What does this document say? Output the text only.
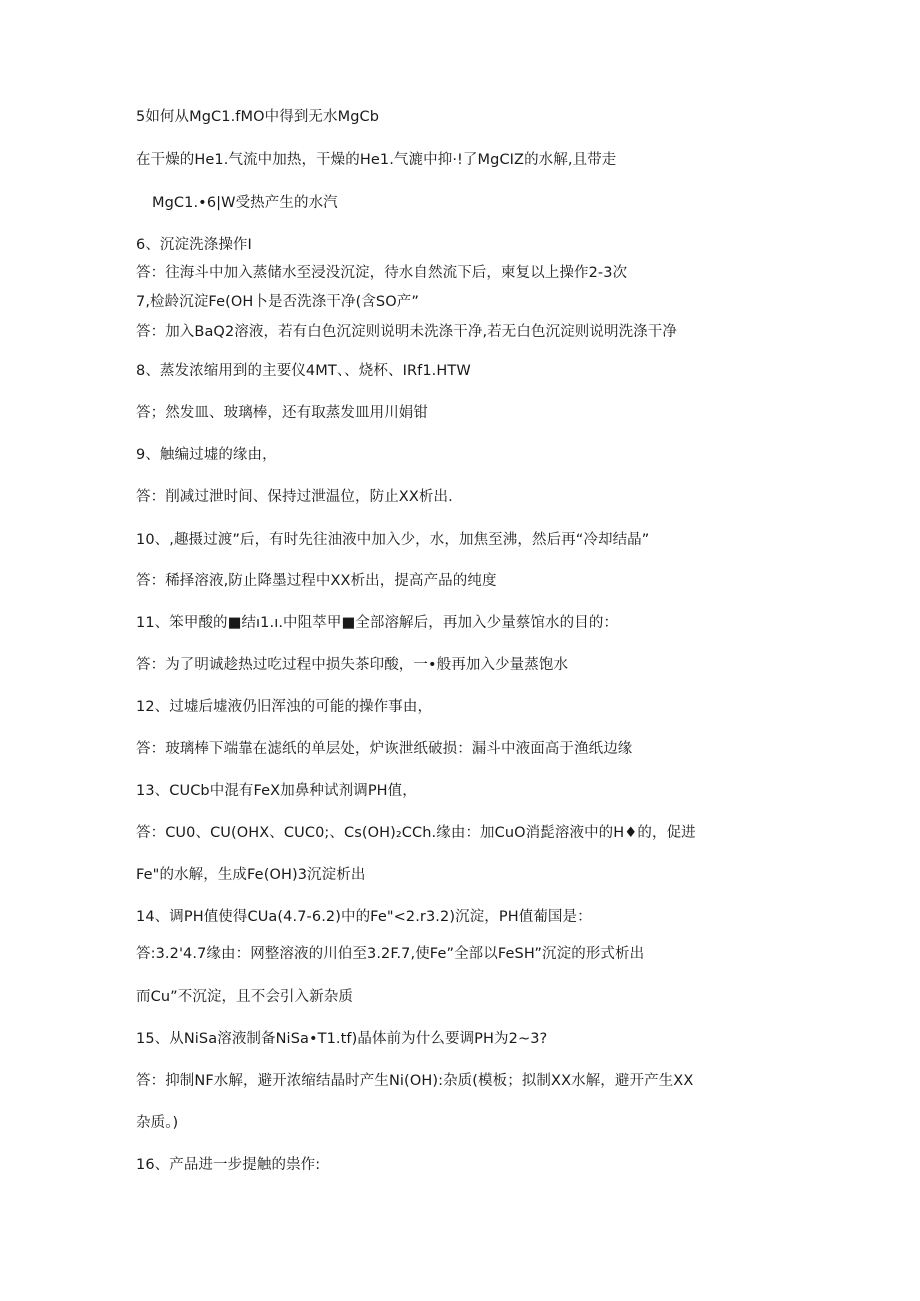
5如何从MgC1.fMO中得到无水MgCb
在干燥的He1.气流中加热，干燥的He1.气漉中抑·!了MgCIZ的水解,且带走
MgC1.•6|W受热产生的水汽
6、沉淀洗涤操作I
答：往海斗中加入蒸储水至浸没沉淀，待水自然流下后，柬复以上操作2-3次
7,检龄沉淀Fe(OH卜是否洗涤干净(含SO产”
答：加入BaQ2溶液，若有白色沉淀则说明未洗涤干净,若无白色沉淀则说明洗涤干净
8、蒸发浓缩用到的主要仪4MT、、烧杯、IRf1.HTW
答；然发皿、玻璃棒，还有取蒸发皿用川娟钳
9、触编过墟的缘由，
答：削减过泄时间、保持过泄温位，防止XX析出.
10、,趣摄过渡”后，有时先往油液中加入少，水，加焦至沸，然后再“冷却结晶”
答：稀择溶液,防止降墨过程中XX析出，提高产品的纯度
11、笨甲酸的■结ı1.ı.中阻萃甲■全部溶解后，再加入少量蔡馆水的目的：
答：为了明诚趁热过吃过程中损失茶印酸，一•般再加入少量蒸饱水
12、过墟后墟液仍旧浑浊的可能的操作事由，
答：玻璃棒下端靠在滤纸的单层处，炉诙泄纸破损：漏斗中液面高于渔纸边缘
13、CUCb中混有FeX加鼻种试剂调PH值，
答：CU0、CU(OHX、CUC0;、Cs(OH)₂CCh.缘由：加CuO消髭溶液中的H♦的，促进
Fe"的水解，生成Fe(OH)3沉淀析出
14、调PH值使得CUa(4.7-6.2)中的Fe"<2.r3.2)沉淀，PH值葡国是：
答:3.2'4.7缘由：网整溶液的川伯至3.2F.7,使Fe”全部以FeSH”沉淀的形式析出
而Cu”不沉淀，且不会引入新杂质
15、从NiSa溶液制备NiSa•T1.tf)晶体前为什么要调PH为2~3?
答：抑制NF水解，避开浓缩结晶时产生Ni(OH):杂质(模板；拟制XX水解，避开产生XX
杂质。)
16、产品进一步提触的祟作:
